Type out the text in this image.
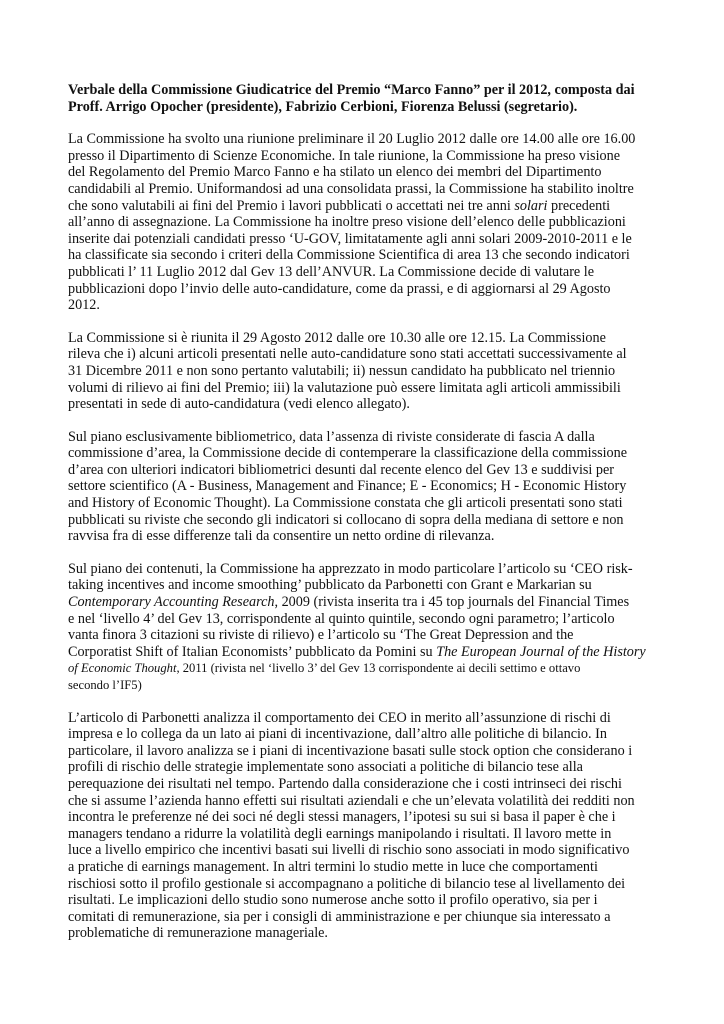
Verbale della Commissione Giudicatrice del Premio “Marco Fanno” per il 2012, composta dai
Proff. Arrigo Opocher (presidente), Fabrizio Cerbioni, Fiorenza Belussi (segretario).
La Commissione ha svolto una riunione preliminare il 20 Luglio 2012 dalle ore 14.00 alle ore 16.00
presso il Dipartimento di Scienze Economiche. In tale riunione, la Commissione ha preso visione
del Regolamento del Premio Marco Fanno e ha stilato un elenco dei membri del Dipartimento
candidabili al Premio. Uniformandosi ad una consolidata prassi, la Commissione ha stabilito inoltre
che sono valutabili ai fini del Premio i lavori pubblicati o accettati nei tre anni solari precedenti
all’anno di assegnazione. La Commissione ha inoltre preso visione dell’elenco delle pubblicazioni
inserite dai potenziali candidati presso ‘U-GOV, limitatamente agli anni solari 2009-2010-2011 e le
ha classificate sia secondo i criteri della Commissione Scientifica di area 13 che secondo indicatori
pubblicati l’ 11 Luglio 2012 dal Gev 13 dell’ANVUR. La Commissione decide di valutare le
pubblicazioni dopo l’invio delle auto-candidature, come da prassi, e di aggiornarsi al 29 Agosto
2012.
La Commissione si è riunita il 29 Agosto 2012 dalle ore 10.30 alle ore 12.15. La Commissione
rileva che i) alcuni articoli presentati nelle auto-candidature sono stati accettati successivamente al
31 Dicembre 2011 e non sono pertanto valutabili; ii) nessun candidato ha pubblicato nel triennio
volumi di rilievo ai fini del Premio; iii) la valutazione può essere limitata agli articoli ammissibili
presentati in sede di auto-candidatura (vedi elenco allegato).
Sul piano esclusivamente bibliometrico, data l’assenza di riviste considerate di fascia A dalla
commissione d’area, la Commissione decide di contemperare la classificazione della commissione
d’area con ulteriori indicatori bibliometrici desunti dal recente elenco del Gev 13 e suddivisi per
settore scientifico (A - Business, Management and Finance; E - Economics; H - Economic History
and History of Economic Thought). La Commissione constata che gli articoli presentati sono stati
pubblicati su riviste che secondo gli indicatori si collocano di sopra della mediana di settore e non
ravvisa fra di esse differenze tali da consentire un netto ordine di rilevanza.
Sul piano dei contenuti, la Commissione ha apprezzato in modo particolare l’articolo su ‘CEO risk-
taking incentives and income smoothing’ pubblicato da Parbonetti con Grant e Markarian su
Contemporary Accounting Research, 2009 (rivista inserita tra i 45 top journals del Financial Times
e nel ‘livello 4’ del Gev 13, corrispondente al quinto quintile, secondo ogni parametro; l’articolo
vanta finora 3 citazioni su riviste di rilievo) e l’articolo su ‘The Great Depression and the
Corporatist Shift of Italian Economists’ pubblicato da Pomini su The European Journal of the History
of Economic Thought, 2011 (rivista nel ‘livello 3’ del Gev 13 corrispondente ai decili settimo e ottavo
secondo l’IF5)
L’articolo di Parbonetti analizza il comportamento dei CEO in merito all’assunzione di rischi di
impresa e lo collega da un lato ai piani di incentivazione, dall’altro alle politiche di bilancio. In
particolare, il lavoro analizza se i piani di incentivazione basati sulle stock option che considerano i
profili di rischio delle strategie implementate sono associati a politiche di bilancio tese alla
perequazione dei risultati nel tempo. Partendo dalla considerazione che i costi intrinseci dei rischi
che si assume l’azienda hanno effetti sui risultati aziendali e che un’elevata volatilità dei redditi non
incontra le preferenze né dei soci né degli stessi managers, l’ipotesi su sui si basa il paper è che i
managers tendano a ridurre la volatilità degli earnings manipolando i risultati. Il lavoro mette in
luce a livello empirico che incentivi basati sui livelli di rischio sono associati in modo significativo
a pratiche di earnings management. In altri termini lo studio mette in luce che comportamenti
rischiosi sotto il profilo gestionale si accompagnano a politiche di bilancio tese al livellamento dei
risultati. Le implicazioni dello studio sono numerose anche sotto il profilo operativo, sia per i
comitati di remunerazione, sia per i consigli di amministrazione e per chiunque sia interessato a
problematiche di remunerazione manageriale.
